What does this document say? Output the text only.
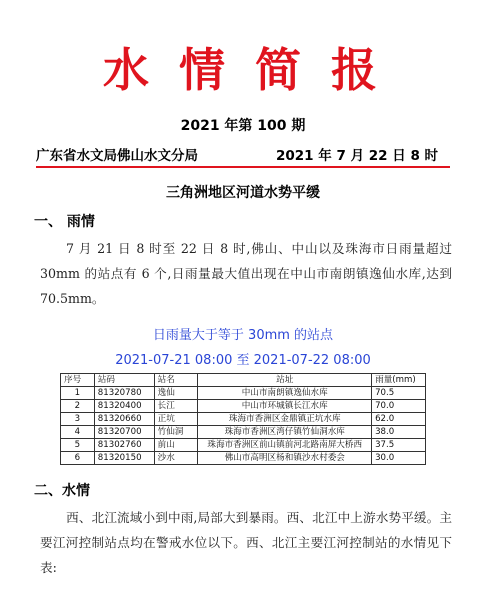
水情简报
2021 年第 100 期
广东省水文局佛山水文分局	2021 年 7 月 22 日 8 时
三角洲地区河道水势平缓
一、 雨情
7 月 21 日 8 时至 22 日 8 时,佛山、中山以及珠海市日雨量超过 30mm 的站点有 6 个,日雨量最大值出现在中山市南朗镇逸仙水库,达到 70.5mm。
日雨量大于等于 30mm 的站点
2021-07-21 08:00 至 2021-07-22 08:00
序号	站码	站名	站址	雨量(mm)
1	81320780	逸仙	中山市南朗镇逸仙水库	70.5
2	81320400	长江	中山市环城镇长江水库	70.0
3	81320660	正坑	珠海市香洲区金鼎镇正坑水库	62.0
4	81320700	竹仙洞	珠海市香洲区湾仔镇竹仙洞水库	38.0
5	81302760	前山	珠海市香洲区前山镇前河北路南屏大桥西	37.5
6	81320150	沙水	佛山市高明区杨和镇沙水村委会	30.0
二、水情
西、北江流域小到中雨,局部大到暴雨。西、北江中上游水势平缓。主要江河控制站点均在警戒水位以下。西、北江主要江河控制站的水情见下表:
